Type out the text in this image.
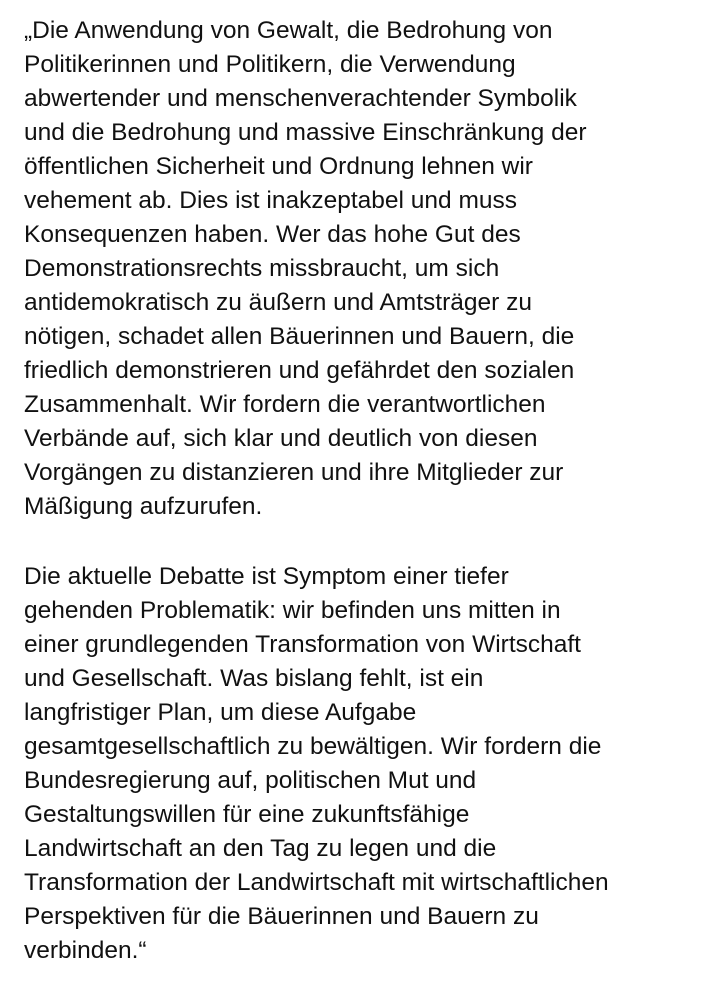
„Die Anwendung von Gewalt, die Bedrohung von
Politikerinnen und Politikern, die Verwendung
abwertender und menschenverachtender Symbolik
und die Bedrohung und massive Einschränkung der
öffentlichen Sicherheit und Ordnung lehnen wir
vehement ab. Dies ist inakzeptabel und muss
Konsequenzen haben. Wer das hohe Gut des
Demonstrationsrechts missbraucht, um sich
antidemokratisch zu äußern und Amtsträger zu
nötigen, schadet allen Bäuerinnen und Bauern, die
friedlich demonstrieren und gefährdet den sozialen
Zusammenhalt. Wir fordern die verantwortlichen
Verbände auf, sich klar und deutlich von diesen
Vorgängen zu distanzieren und ihre Mitglieder zur
Mäßigung aufzurufen.

Die aktuelle Debatte ist Symptom einer tiefer
gehenden Problematik: wir befinden uns mitten in
einer grundlegenden Transformation von Wirtschaft
und Gesellschaft. Was bislang fehlt, ist ein
langfristiger Plan, um diese Aufgabe
gesamtgesellschaftlich zu bewältigen. Wir fordern die
Bundesregierung auf, politischen Mut und
Gestaltungswillen für eine zukunftsfähige
Landwirtschaft an den Tag zu legen und die
Transformation der Landwirtschaft mit wirtschaftlichen
Perspektiven für die Bäuerinnen und Bauern zu
verbinden.“
